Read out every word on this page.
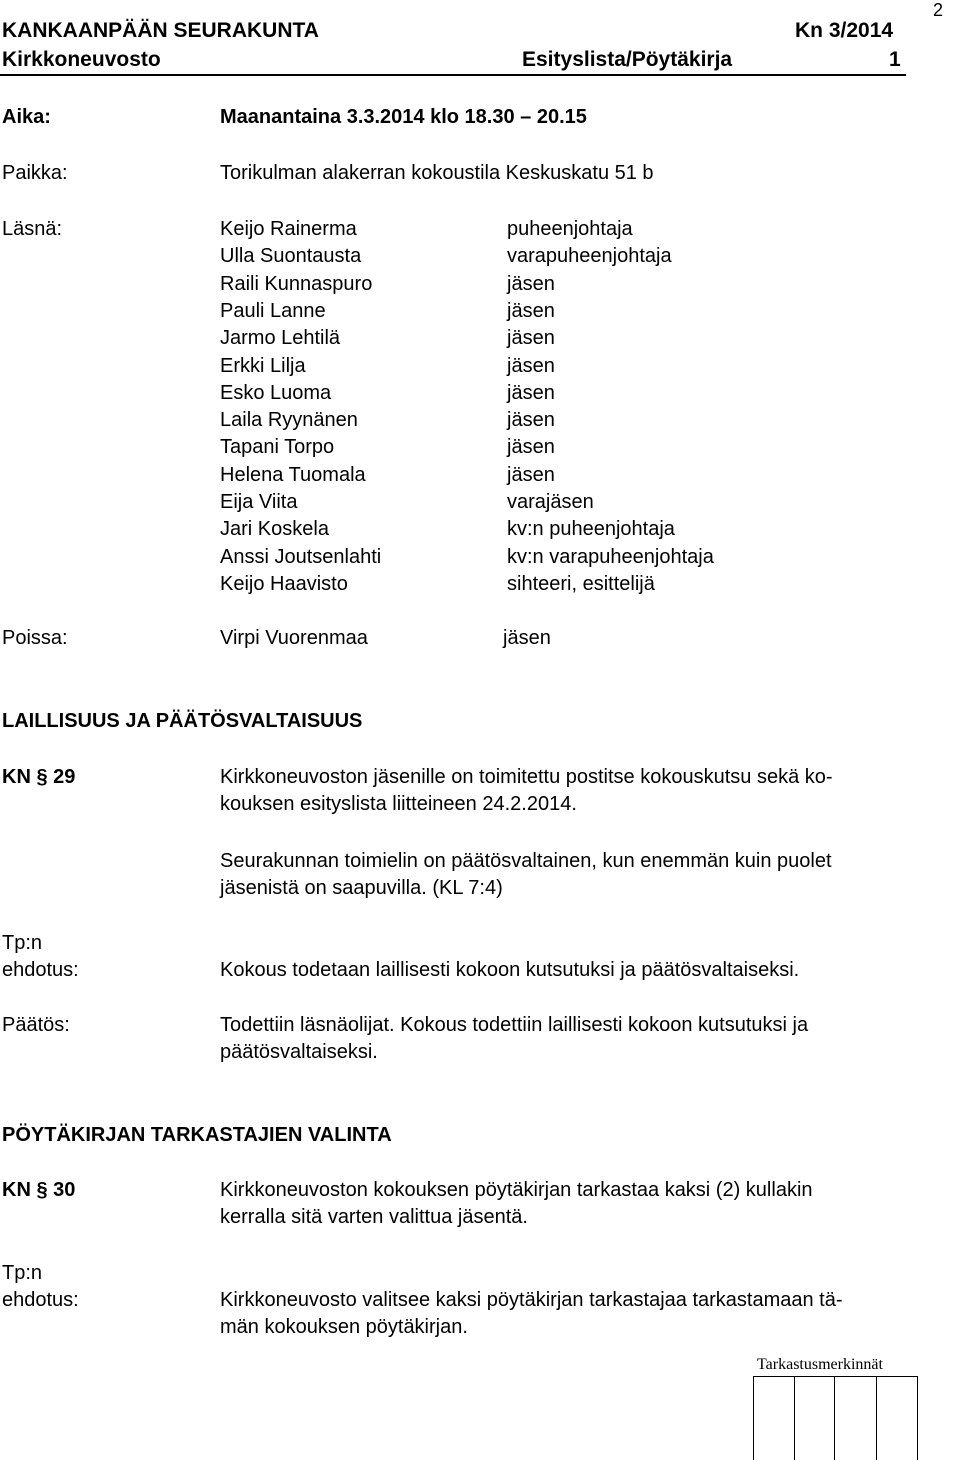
2
KANKAANPÄÄN SEURAKUNTA	Kn 3/2014
Kirkkoneuvosto	Esityslista/Pöytäkirja	1
Aika:	Maanantaina 3.3.2014 klo 18.30 – 20.15
Paikka:	Torikulman alakerran kokoustila Keskuskatu 51 b
Läsnä:	Keijo Rainerma	puheenjohtaja
Ulla Suontausta	varapuheenjohtaja
Raili Kunnaspuro	jäsen
Pauli Lanne	jäsen
Jarmo Lehtilä	jäsen
Erkki Lilja	jäsen
Esko Luoma	jäsen
Laila Ryynänen	jäsen
Tapani Torpo	jäsen
Helena Tuomala	jäsen
Eija Viita	varajäsen
Jari Koskela	kv:n puheenjohtaja
Anssi Joutsenlahti	kv:n varapuheenjohtaja
Keijo Haavisto	sihteeri, esittelijä
Poissa:	Virpi Vuorenmaa	jäsen
LAILLISUUS JA PÄÄTÖSVALTAISUUS
KN § 29	Kirkkoneuvoston jäsenille on toimitettu postitse kokouskutsu sekä ko-
kouksen esityslista liitteineen 24.2.2014.
Seurakunnan toimielin on päätösvaltainen, kun enemmän kuin puolet
jäsenistä on saapuvilla. (KL 7:4)
Tp:n
ehdotus:	Kokous todetaan laillisesti kokoon kutsutuksi ja päätösvaltaiseksi.
Päätös:	Todettiin läsnäolijat. Kokous todettiin laillisesti kokoon kutsutuksi ja
päätösvaltaiseksi.
PÖYTÄKIRJAN TARKASTAJIEN VALINTA
KN § 30	Kirkkoneuvoston kokouksen pöytäkirjan tarkastaa kaksi (2) kullakin
kerralla sitä varten valittua jäsentä.
Tp:n
ehdotus:	Kirkkoneuvosto valitsee kaksi pöytäkirjan tarkastajaa tarkastamaan tä-
män kokouksen pöytäkirjan.
Tarkastusmerkinnät
